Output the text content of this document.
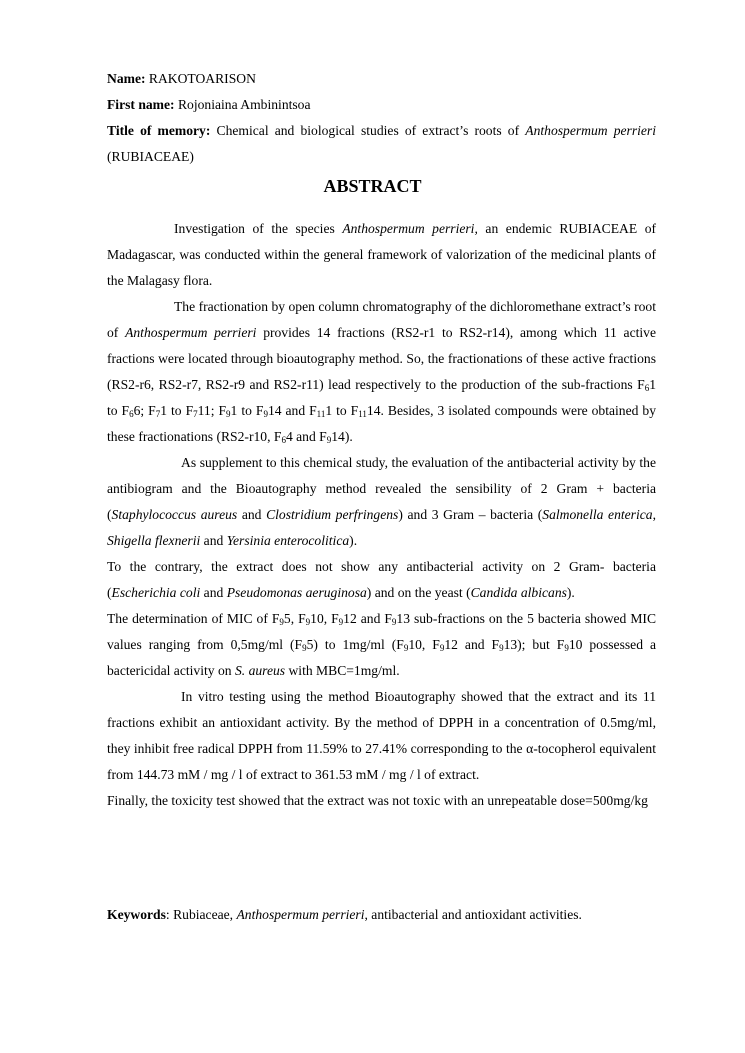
Name: RAKOTOARISON

First name: Rojoniaina Ambinintsoa

Title of memory: Chemical and biological studies of extract’s roots of Anthospermum perrieri (RUBIACEAE)

ABSTRACT

Investigation of the species Anthospermum perrieri, an endemic RUBIACEAE of Madagascar, was conducted within the general framework of valorization of the medicinal plants of the Malagasy flora.

The fractionation by open column chromatography of the dichloromethane extract’s root of Anthospermum perrieri provides 14 fractions (RS2-r1 to RS2-r14), among which 11 active fractions were located through bioautography method. So, the fractionations of these active fractions (RS2-r6, RS2-r7, RS2-r9 and RS2-r11) lead respectively to the production of the sub-fractions $F_61$ to $F_66$; $F_71$ to $F_711$; $F_91$ to $F_914$ and $F_{11}1$ to $F_{11}14$. Besides, 3 isolated compounds were obtained by these fractionations (RS2-r10, $F_64$ and $F_914$).

As supplement to this chemical study, the evaluation of the antibacterial activity by the antibiogram and the Bioautography method revealed the sensibility of 2 Gram + bacteria (Staphylococcus aureus and Clostridium perfringens) and 3 Gram – bacteria (Salmonella enterica, Shigella flexnerii and Yersinia enterocolitica).

To the contrary, the extract does not show any antibacterial activity on 2 Gram- bacteria (Escherichia coli and Pseudomonas aeruginosa) and on the yeast (Candida albicans).

The determination of MIC of $F_95$, $F_910$, $F_912$ and $F_913$ sub-fractions on the 5 bacteria showed MIC values ranging from 0,5mg/ml $(F_95)$ to 1mg/ml ($F_910$, $F_912$ and $F_913$); but $F_910$ possessed a bactericidal activity on S. aureus with MBC=1mg/ml.

In vitro testing using the method Bioautography showed that the extract and its 11 fractions exhibit an antioxidant activity. By the method of DPPH in a concentration of 0.5mg/ml, they inhibit free radical DPPH from 11.59% to 27.41% corresponding to the α-tocopherol equivalent from 144.73 mM / mg / l of extract to 361.53 mM / mg / l of extract.

Finally, the toxicity test showed that the extract was not toxic with an unrepeatable dose=500mg/kg

Keywords: Rubiaceae, Anthospermum perrieri, antibacterial and antioxidant activities.
